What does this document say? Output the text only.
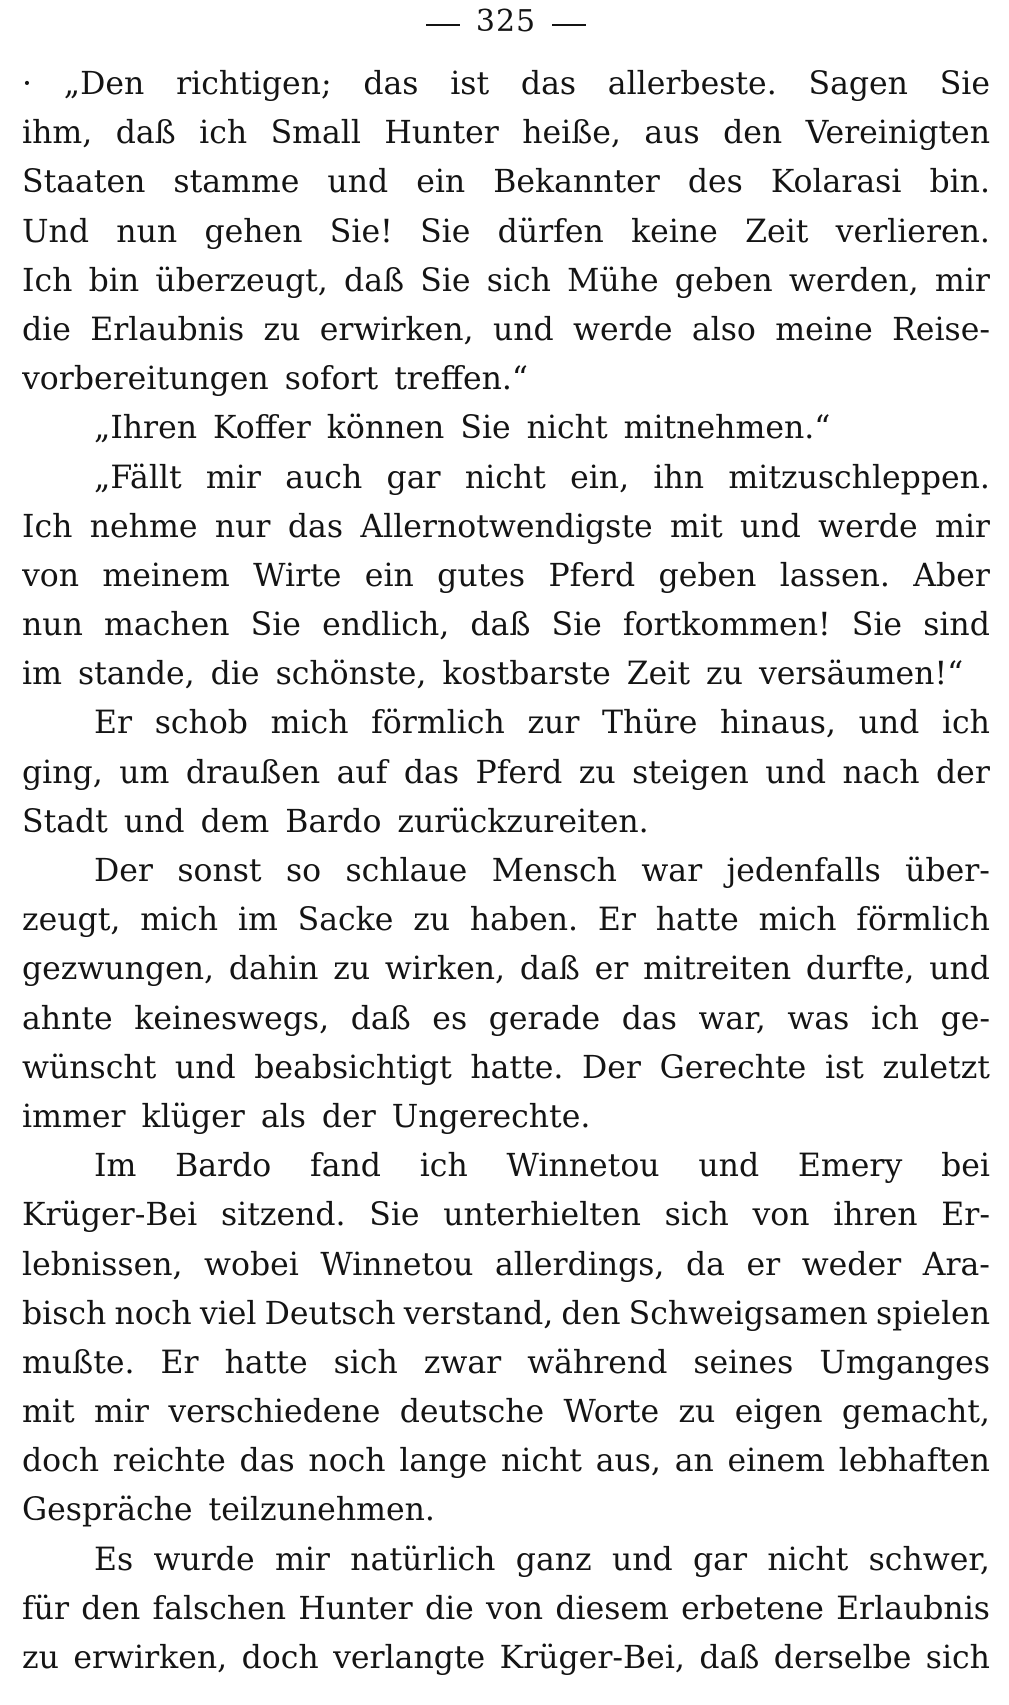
325
· „Den richtigen; das ist das allerbeste. Sagen Sie
ihm, daß ich Small Hunter heiße, aus den Vereinigten
Staaten stamme und ein Bekannter des Kolarasi bin.
Und nun gehen Sie! Sie dürfen keine Zeit verlieren.
Ich bin überzeugt, daß Sie sich Mühe geben werden, mir
die Erlaubnis zu erwirken, und werde also meine Reise-
vorbereitungen sofort treffen.“
„Ihren Koffer können Sie nicht mitnehmen.“
„Fällt mir auch gar nicht ein, ihn mitzuschleppen.
Ich nehme nur das Allernotwendigste mit und werde mir
von meinem Wirte ein gutes Pferd geben lassen. Aber
nun machen Sie endlich, daß Sie fortkommen! Sie sind
im stande, die schönste, kostbarste Zeit zu versäumen!“
Er schob mich förmlich zur Thüre hinaus, und ich
ging, um draußen auf das Pferd zu steigen und nach der
Stadt und dem Bardo zurückzureiten.
Der sonst so schlaue Mensch war jedenfalls über-
zeugt, mich im Sacke zu haben. Er hatte mich förmlich
gezwungen, dahin zu wirken, daß er mitreiten durfte, und
ahnte keineswegs, daß es gerade das war, was ich ge-
wünscht und beabsichtigt hatte. Der Gerechte ist zuletzt
immer klüger als der Ungerechte.
Im Bardo fand ich Winnetou und Emery bei
Krüger-Bei sitzend. Sie unterhielten sich von ihren Er-
lebnissen, wobei Winnetou allerdings, da er weder Ara-
bisch noch viel Deutsch verstand, den Schweigsamen spielen
mußte. Er hatte sich zwar während seines Umganges
mit mir verschiedene deutsche Worte zu eigen gemacht,
doch reichte das noch lange nicht aus, an einem lebhaften
Gespräche teilzunehmen.
Es wurde mir natürlich ganz und gar nicht schwer,
für den falschen Hunter die von diesem erbetene Erlaubnis
zu erwirken, doch verlangte Krüger-Bei, daß derselbe sich
